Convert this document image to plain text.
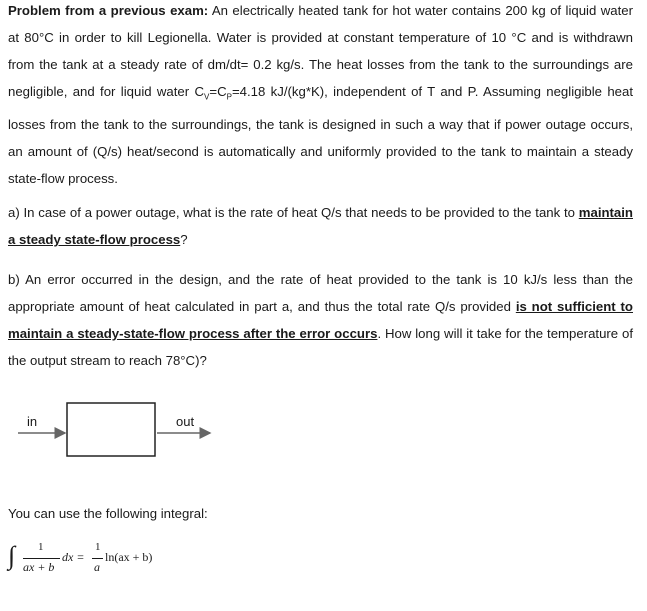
Problem from a previous exam: An electrically heated tank for hot water contains 200 kg of liquid water at 80°C in order to kill Legionella. Water is provided at constant temperature of 10 °C and is withdrawn from the tank at a steady rate of dm/dt= 0.2 kg/s. The heat losses from the tank to the surroundings are negligible, and for liquid water $C_V=C_P=4.18$ kJ/(kg*K), independent of T and P. Assuming negligible heat losses from the tank to the surroundings, the tank is designed in such a way that if power outage occurs, an amount of (Q/s) heat/second is automatically and uniformly provided to the tank to maintain a steady state-flow process.
a) In case of a power outage, what is the rate of heat Q/s that needs to be provided to the tank to maintain a steady state-flow process?
b) An error occurred in the design, and the rate of heat provided to the tank is 10 kJ/s less than the appropriate amount of heat calculated in part a, and thus the total rate Q/s provided is not sufficient to maintain a steady-state-flow process after the error occurs. How long will it take for the temperature of the output stream to reach 78°C)?
in	out
You can use the following integral:
∫ 1
ax + b
dx =
1
a
ln(ax + b)
